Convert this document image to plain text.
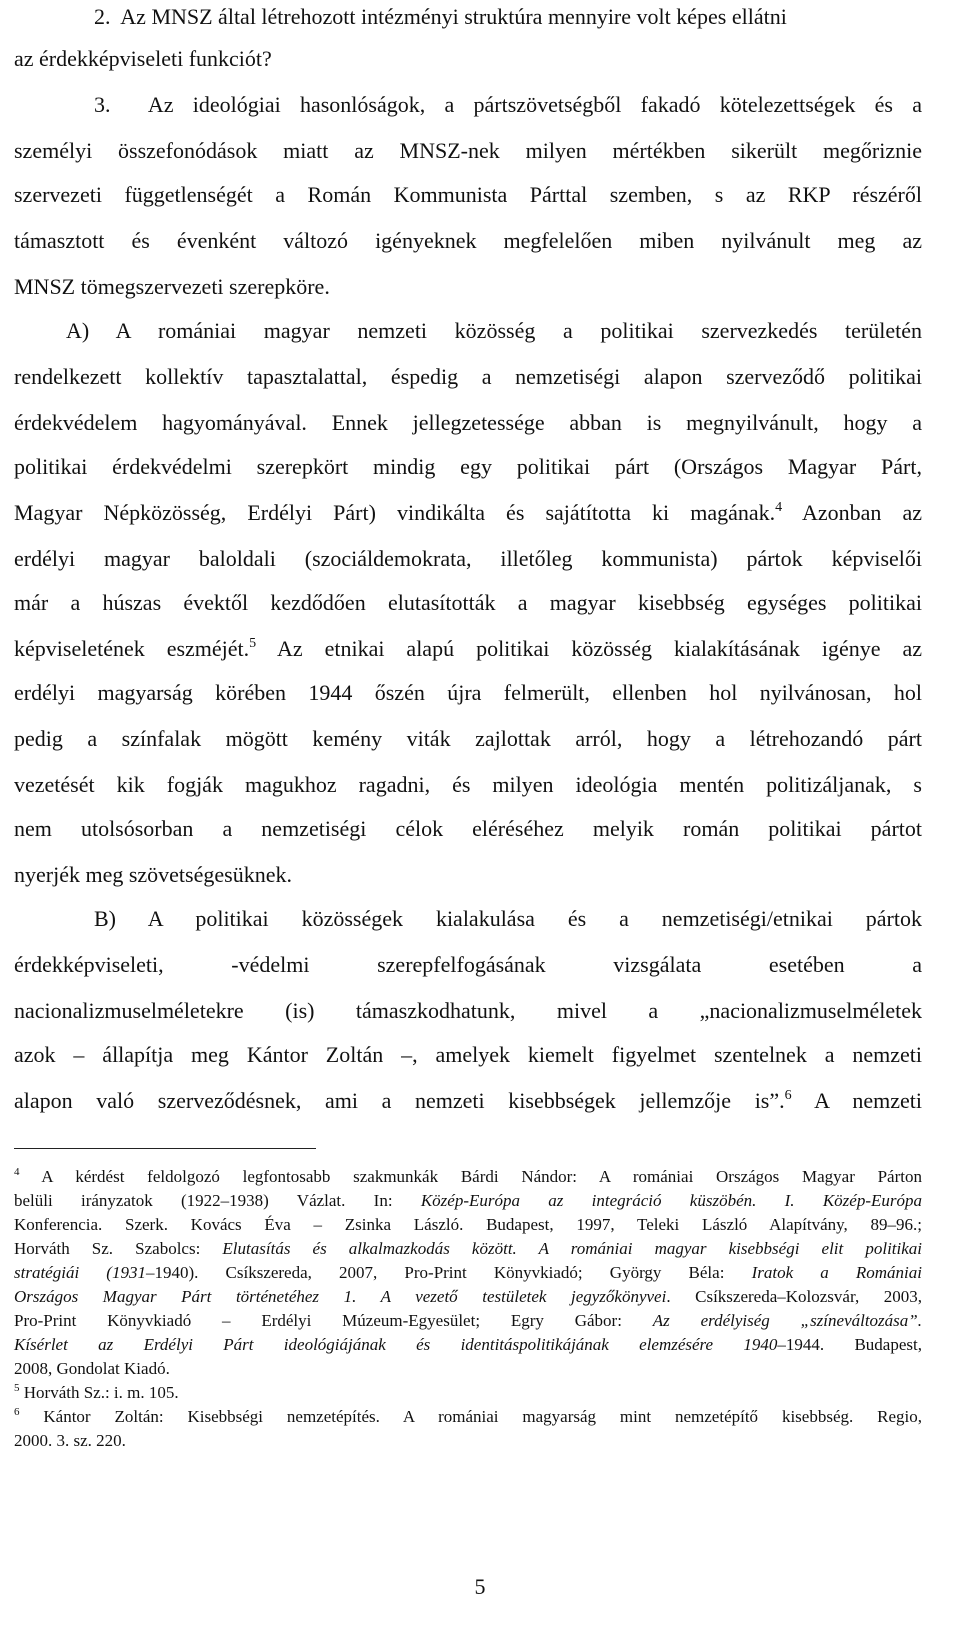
2.  Az MNSZ által létrehozott intézményi struktúra mennyire volt képes ellátni
az érdekképviseleti funkciót?
3.  Az ideológiai hasonlóságok, a pártszövetségből fakadó kötelezettségek és a
személyi összefonódások miatt az MNSZ-nek milyen mértékben sikerült megőriznie
szervezeti függetlenségét a Román Kommunista Párttal szemben, s az RKP részéről
támasztott és évenként változó igényeknek megfelelően miben nyilvánult meg az
MNSZ tömegszervezeti szerepköre.
A) A romániai magyar nemzeti közösség a politikai szervezkedés területén
rendelkezett kollektív tapasztalattal, éspedig a nemzetiségi alapon szerveződő politikai
érdekvédelem hagyományával. Ennek jellegzetessége abban is megnyilvánult, hogy a
politikai érdekvédelmi szerepkört mindig egy politikai párt (Országos Magyar Párt,
Magyar Népközösség, Erdélyi Párt) vindikálta és sajátította ki magának.$^4$ Azonban az
erdélyi magyar baloldali (szociáldemokrata, illetőleg kommunista) pártok képviselői
már a húszas évektől kezdődően elutasították a magyar kisebbség egységes politikai
képviseletének eszméjét.$^5$ Az etnikai alapú politikai közösség kialakításának igénye az
erdélyi magyarság körében 1944 őszén újra felmerült, ellenben hol nyilvánosan, hol
pedig a színfalak mögött kemény viták zajlottak arról, hogy a létrehozandó párt
vezetését kik fogják magukhoz ragadni, és milyen ideológia mentén politizáljanak, s
nem utolsósorban a nemzetiségi célok eléréséhez melyik román politikai pártot
nyerjék meg szövetségesüknek.
B) A politikai közösségek kialakulása és a nemzetiségi/etnikai pártok
érdekképviseleti, -védelmi szerepfelfogásának vizsgálata esetében a
nacionalizmuselméletekre (is) támaszkodhatunk, mivel a „nacionalizmuselméletek
azok – állapítja meg Kántor Zoltán –, amelyek kiemelt figyelmet szentelnek a nemzeti
alapon való szerveződésnek, ami a nemzeti kisebbségek jellemzője is”.$^6$ A nemzeti
$^4$ A kérdést feldolgozó legfontosabb szakmunkák Bárdi Nándor: A romániai Országos Magyar Párton
belüli irányzatok (1922–1938) Vázlat. In: Közép-Európa az integráció küszöbén. I. Közép-Európa
Konferencia. Szerk. Kovács Éva – Zsinka László. Budapest, 1997, Teleki László Alapítvány, 89–96.;
Horváth Sz. Szabolcs: Elutasítás és alkalmazkodás között. A romániai magyar kisebbségi elit politikai
stratégiái (1931–1940). Csíkszereda, 2007, Pro-Print Könyvkiadó; György Béla: Iratok a Romániai
Országos Magyar Párt történetéhez 1. A vezető testületek jegyzőkönyvei. Csíkszereda–Kolozsvár, 2003,
Pro-Print Könyvkiadó – Erdélyi Múzeum-Egyesület; Egry Gábor: Az erdélyiség „színeváltozása”.
Kísérlet az Erdélyi Párt ideológiájának és identitáspolitikájának elemzésére 1940–1944. Budapest,
2008, Gondolat Kiadó.
$^5$ Horváth Sz.: i. m. 105.
$^6$ Kántor Zoltán: Kisebbségi nemzetépítés. A romániai magyarság mint nemzetépítő kisebbség. Regio,
2000. 3. sz. 220.
5
